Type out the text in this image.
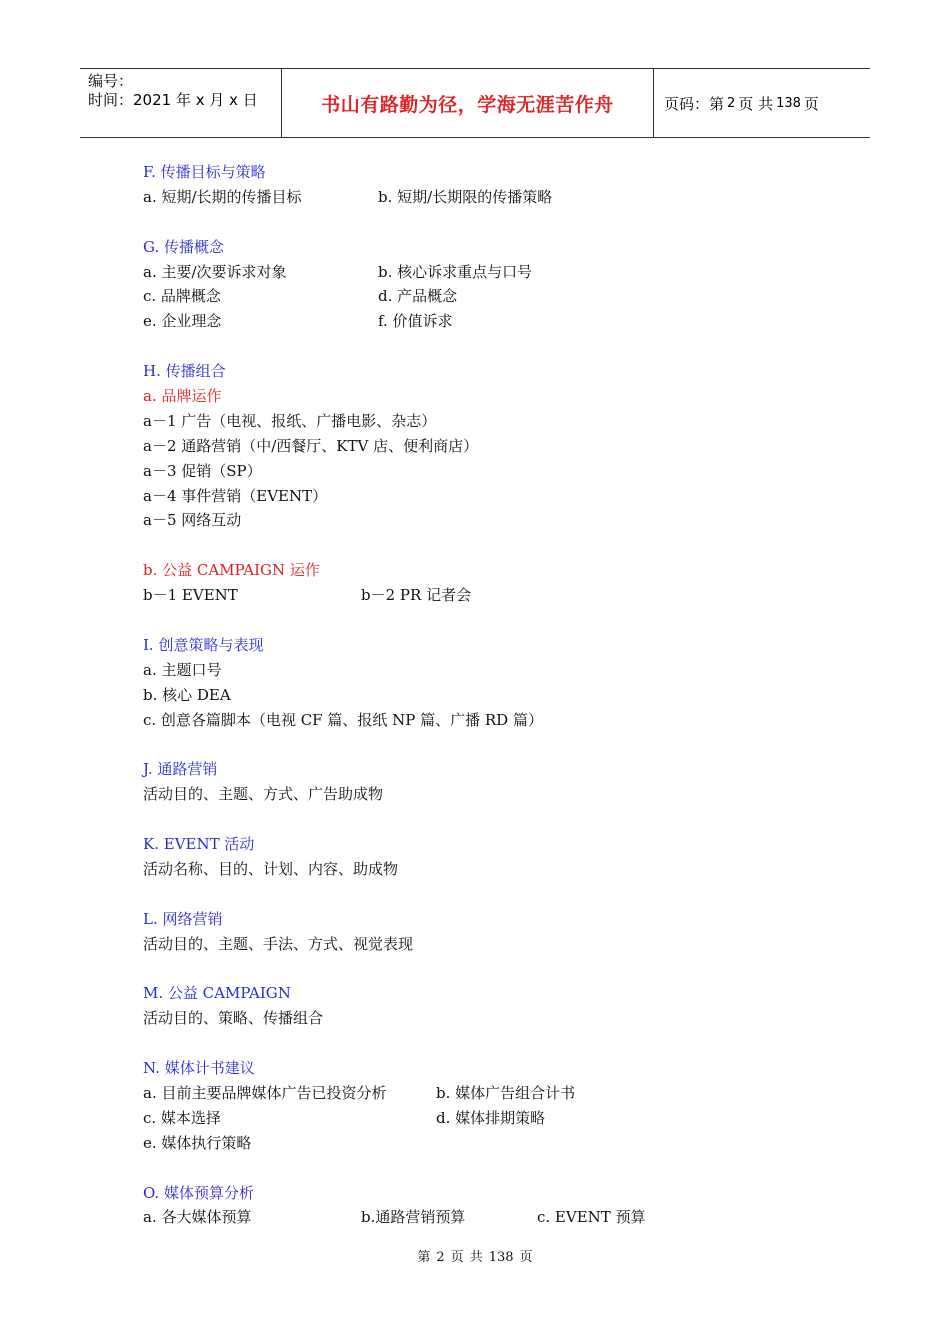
编号：
时间：2021 年 x 月 x 日	书山有路勤为径，学海无涯苦作舟	页码：第 2 页 共 138 页
F. 传播目标与策略
a. 短期/长期的传播目标	b. 短期/长期限的传播策略
G. 传播概念
a. 主要/次要诉求对象	b. 核心诉求重点与口号
c. 品牌概念	d. 产品概念
e. 企业理念	f. 价值诉求
H. 传播组合
a. 品牌运作
a－1 广告（电视、报纸、广播电影、杂志）
a－2 通路营销（中/西餐厅、KTV 店、便利商店）
a－3 促销（SP）
a－4 事件营销（EVENT）
a－5 网络互动
b. 公益 CAMPAIGN 运作
b－1 EVENT	b－2 PR 记者会
I. 创意策略与表现
a. 主题口号
b. 核心 DEA
c. 创意各篇脚本（电视 CF 篇、报纸 NP 篇、广播 RD 篇）
J. 通路营销
活动目的、主题、方式、广告助成物
K. EVENT 活动
活动名称、目的、计划、内容、助成物
L. 网络营销
活动目的、主题、手法、方式、视觉表现
M. 公益 CAMPAIGN
活动目的、策略、传播组合
N. 媒体计书建议
a. 目前主要品牌媒体广告已投资分析	b. 媒体广告组合计书
c. 媒本选择	d. 媒体排期策略
e. 媒体执行策略
O. 媒体预算分析
a. 各大媒体预算	b.通路营销预算	c. EVENT 预算
第 2 页 共 138 页
